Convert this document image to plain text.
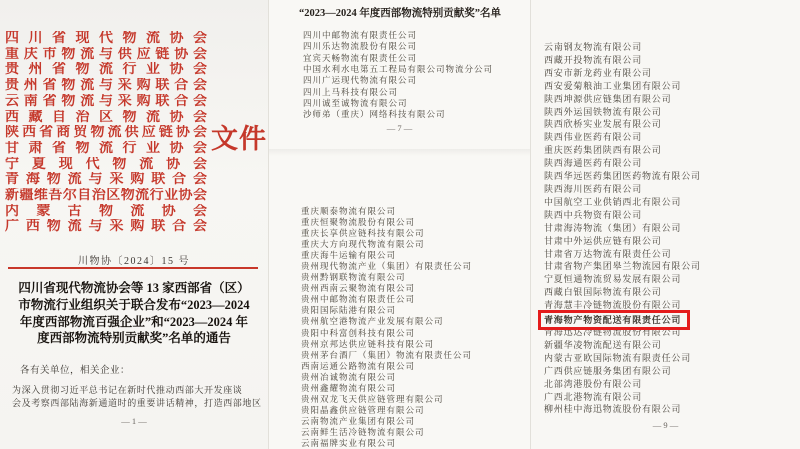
四川省现代物流协会
重庆市物流与供应链协会
贵州省物流行业协会
贵州省物流与采购联合会
云南省物流与采购联合会
西藏自治区物流协会
陕西省商贸物流供应链协会
甘肃省物流行业协会
宁夏现代物流协会
青海物流与采购联合会
新疆维吾尔自治区物流行业协会
内蒙古物流协会
广西物流与采购联合会
文件
川物协〔2024〕15 号
四川省现代物流协会等 13 家西部省（区）
市物流行业组织关于联合发布“2023—2024
年度西部物流百强企业”和“2023—2024 年
度西部物流特别贡献奖”名单的通告
各有关单位，相关企业：
为深入贯彻习近平总书记在新时代推动西部大开发座谈
会及考察西部陆海新通道时的重要讲话精神，打造西部地区
— 1 —
“2023—2024 年度西部物流特别贡献奖”名单
四川中邮物流有限责任公司
四川乐达物流股份有限公司
宜宾天畅物流有限责任公司
中国水利水电第五工程局有限公司物流分公司
四川广运现代物流有限公司
四川上马科技有限公司
四川诚至诚物流有限公司
沙师弟（重庆）网络科技有限公司
— 7 —
重庆顺泰物流有限公司
重庆恒聚物流股份有限公司
重庆长享供应链科技有限公司
重庆大方向现代物流有限公司
重庆海牛运输有限公司
贵州现代物流产业（集团）有限责任公司
贵州黔钢联物流有限公司
贵州西南云聚物流有限公司
贵州中邮物流有限责任公司
贵阳国际陆港有限公司
贵州航空港物流产业发展有限公司
贵阳中科富创科技有限公司
贵州京邦达供应链科技有限公司
贵州茅台酒厂（集团）物流有限责任公司
西南运通公路物流有限公司
贵州冶诚物流有限公司
贵州鑫耀物流有限公司
贵州双龙飞天供应链管理有限公司
贵阳晶鑫供应链管理有限公司
云南物流产业集团有限公司
云南鲜生活冷链物流有限公司
云南福牌实业有限公司
云南钢友物流有限公司
西藏开投物流有限公司
西安市新龙药业有限公司
西安爱菊粮油工业集团有限公司
陕西坤源供应链集团有限公司
陕西外运国铁物流有限公司
陕西欣桥实业发展有限公司
陕西伟业医药有限公司
重庆医药集团陕西有限公司
陕西海通医药有限公司
陕西华远医药集团医药物流有限公司
陕西海川医药有限公司
中国航空工业供销西北有限公司
陕西中兵物资有限公司
甘肃海涛物流（集团）有限公司
甘肃中外运供应链有限公司
甘肃省万达物流有限责任公司
甘肃省物产集团皋兰物流园有限公司
宁夏恒通物流贸易发展有限公司
西藏白银国际物流有限公司
青海慧丰冷链物流股份有限公司
青海物产物资配送有限责任公司
青海迅达冷链物流股份有限公司
新疆华凌物流配送有限公司
内蒙古亚欧国际物流有限责任公司
广西供应链服务集团有限公司
北部湾港股份有限公司
广西北港物流有限公司
柳州桂中海迅物流股份有限公司
— 9 —
